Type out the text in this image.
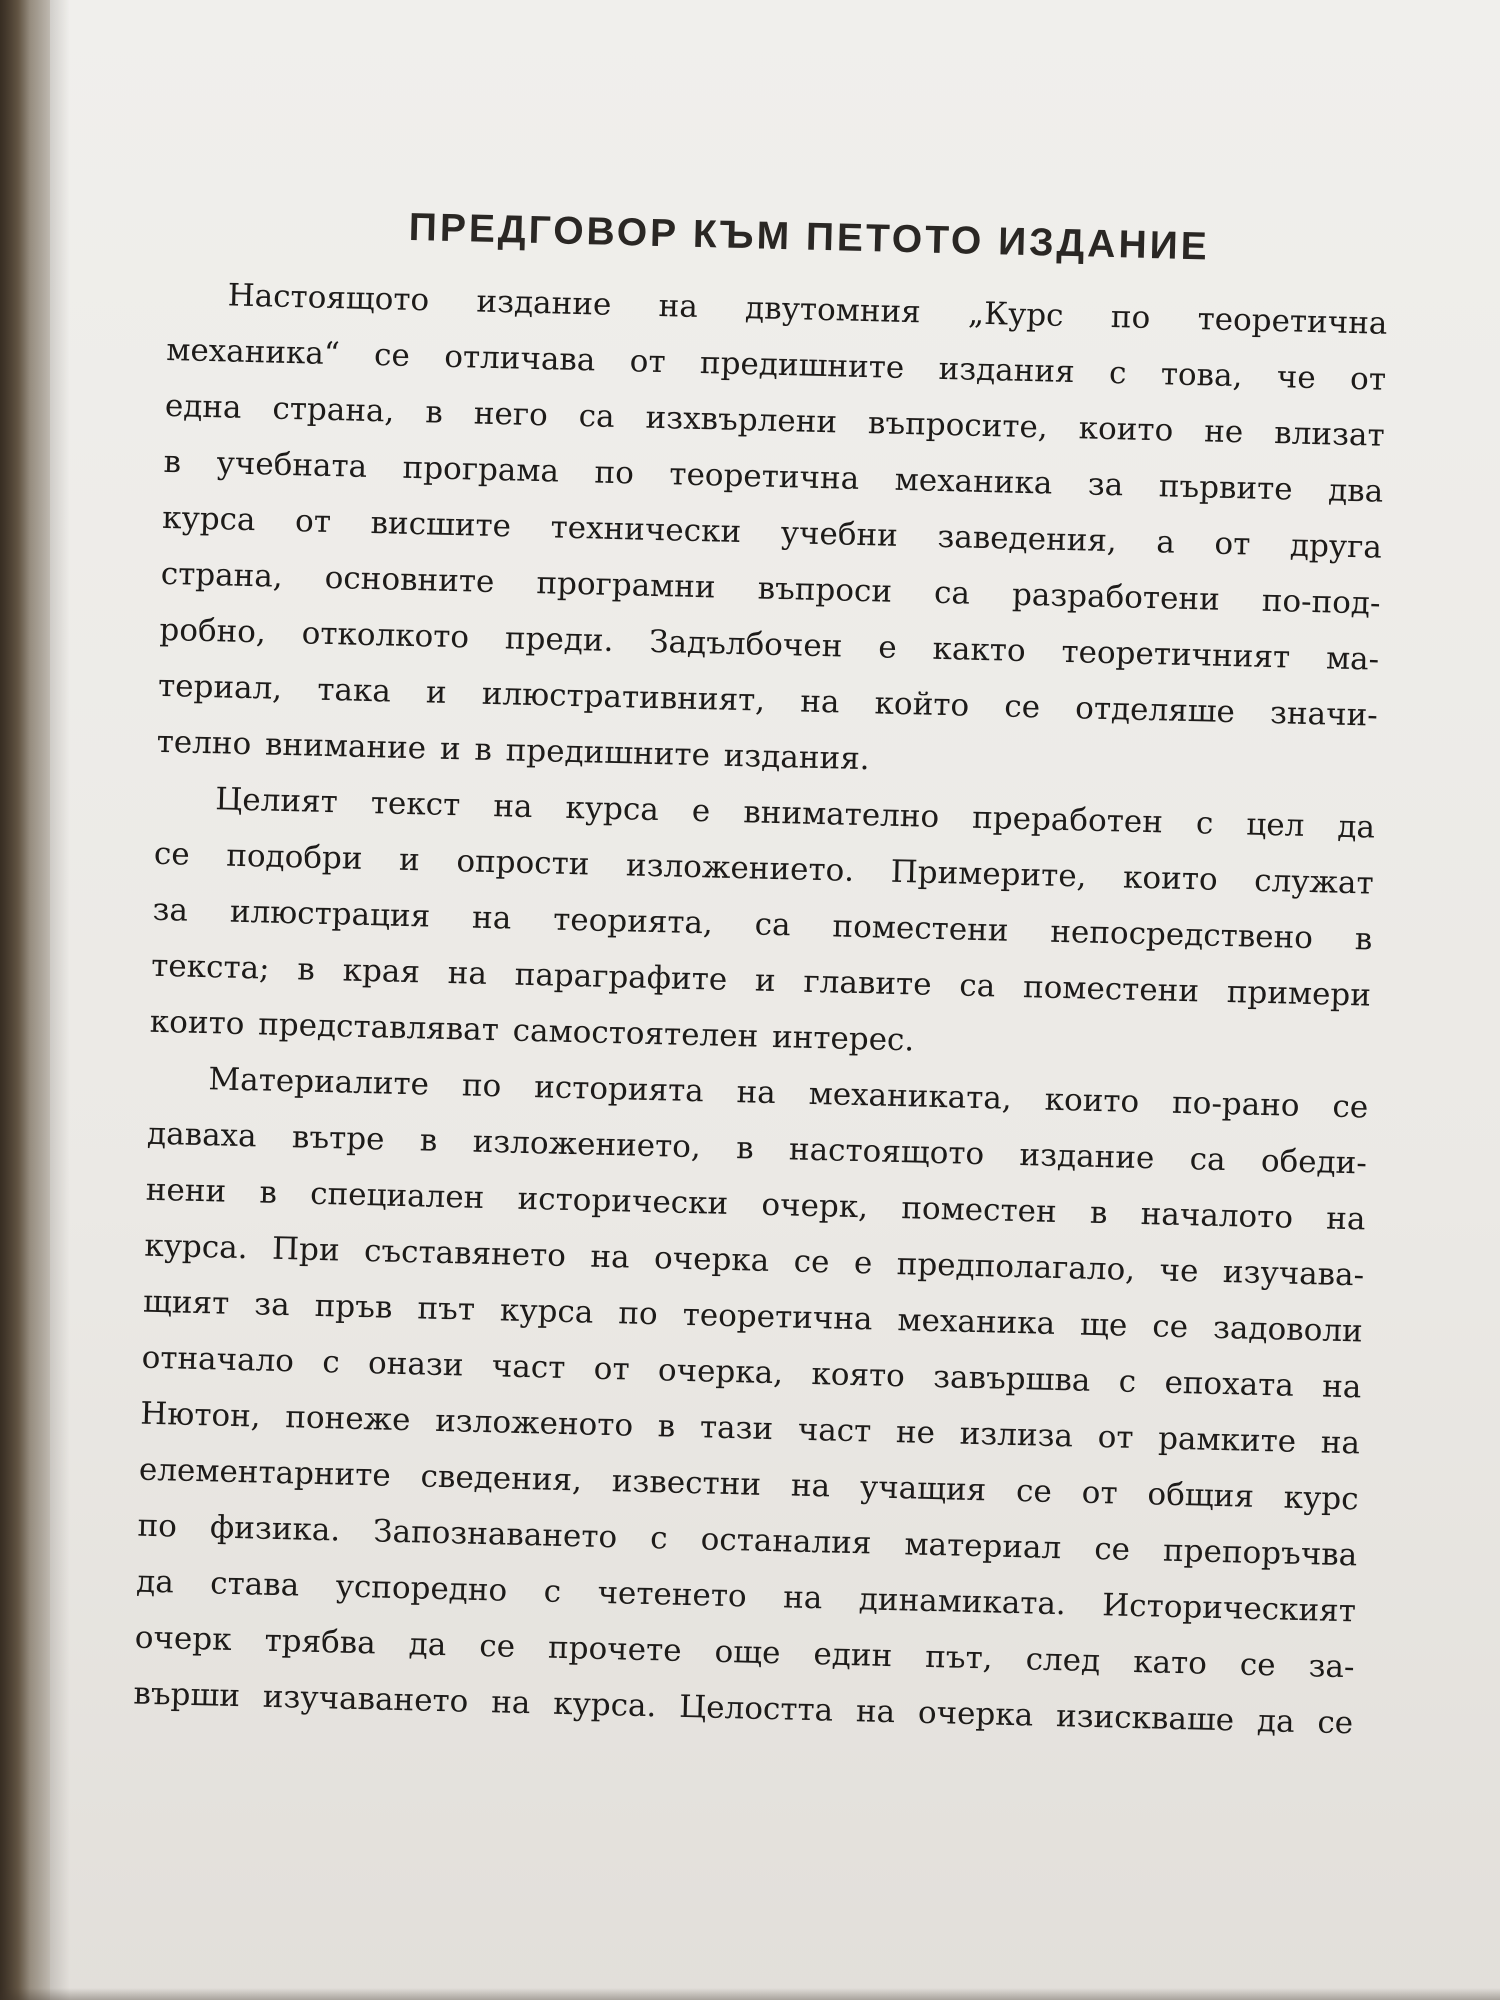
ПРЕДГОВОР КЪМ ПЕТОТО ИЗДАНИЕ

Настоящото издание на двутомния „Курс по теоретична
механика“ се отличава от предишните издания с това, че от
една страна, в него са изхвърлени въпросите, които не влизат
в учебната програма по теоретична механика за първите два
курса от висшите технически учебни заведения, а от друга
страна, основните програмни въпроси са разработени по-под-
робно, отколкото преди. Задълбочен е както теоретичният ма-
териал, така и илюстративният, на който се отделяше значи-
телно внимание и в предишните издания.

Целият текст на курса е внимателно преработен с цел да
се подобри и опрости изложението. Примерите, които служат
за илюстрация на теорията, са поместени непосредствено в
текста; в края на параграфите и главите са поместени примери
които представляват самостоятелен интерес.

Материалите по историята на механиката, които по-рано се
даваха вътре в изложението, в настоящото издание са обеди-
нени в специален исторически очерк, поместен в началото на
курса. При съставянето на очерка се е предполагало, че изучава-
щият за пръв път курса по теоретична механика ще се задоволи
отначало с онази част от очерка, която завършва с епохата на
Нютон, понеже изложеното в тази част не излиза от рамките на
елементарните сведения, известни на учащия се от общия курс
по физика. Запознаването с останалия материал се препоръчва
да става успоредно с четенето на динамиката. Историческият
очерк трябва да се прочете още един път, след като се за-
върши изучаването на курса. Целостта на очерка изискваше да се
